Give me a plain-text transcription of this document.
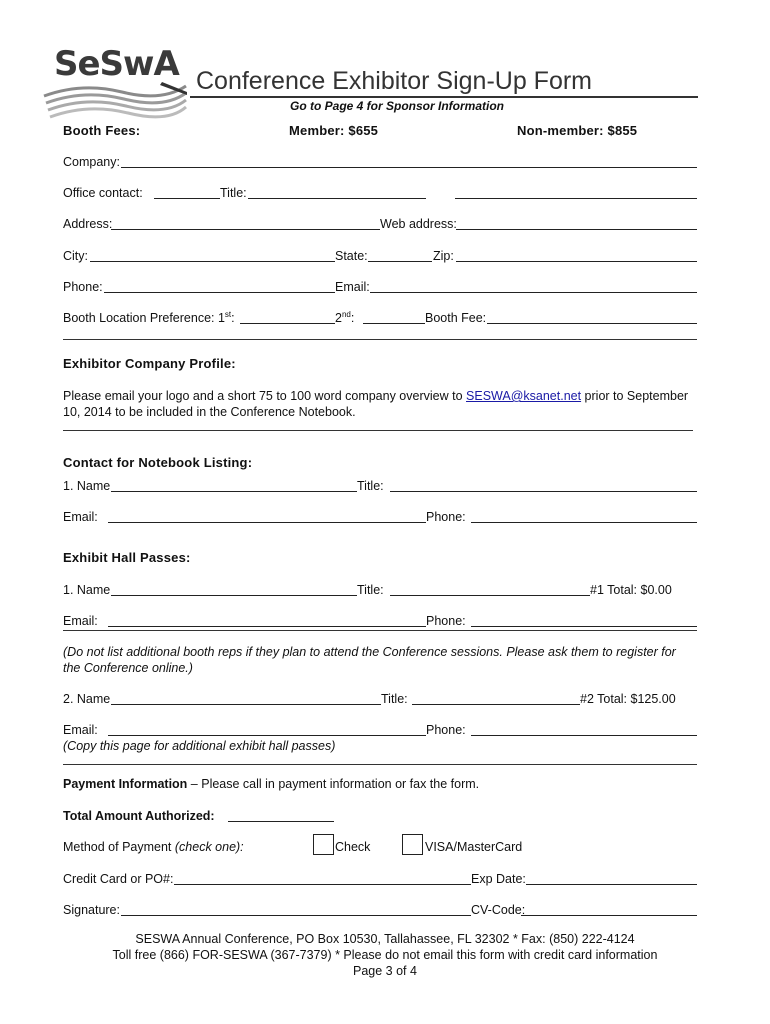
SeSwA Conference Exhibitor Sign-Up Form
Go to Page 4 for Sponsor Information
Booth Fees:	Member: $655	Non-member: $855
Company:
Office contact:	Title:
Address:	Web address:
City:	State:	Zip:
Phone:	Email:
Booth Location Preference: 1st:	2nd:	Booth Fee:
Exhibitor Company Profile:
Please email your logo and a short 75 to 100 word company overview to SESWA@ksanet.net prior to September
10, 2014 to be included in the Conference Notebook.
Contact for Notebook Listing:
1. Name	Title:
Email:	Phone:
Exhibit Hall Passes:
1. Name	Title:	#1 Total: $0.00
Email:	Phone:
(Do not list additional booth reps if they plan to attend the Conference sessions. Please ask them to register for
the Conference online.)
2. Name	Title:	#2 Total: $125.00
Email:	Phone:
(Copy this page for additional exhibit hall passes)
Payment Information – Please call in payment information or fax the form.
Total Amount Authorized:
Method of Payment (check one):	Check	VISA/MasterCard
Credit Card or PO#:	Exp Date:
Signature:	CV-Code:
SESWA Annual Conference, PO Box 10530, Tallahassee, FL 32302 * Fax: (850) 222-4124
Toll free (866) FOR-SESWA (367-7379) * Please do not email this form with credit card information
Page 3 of 4
